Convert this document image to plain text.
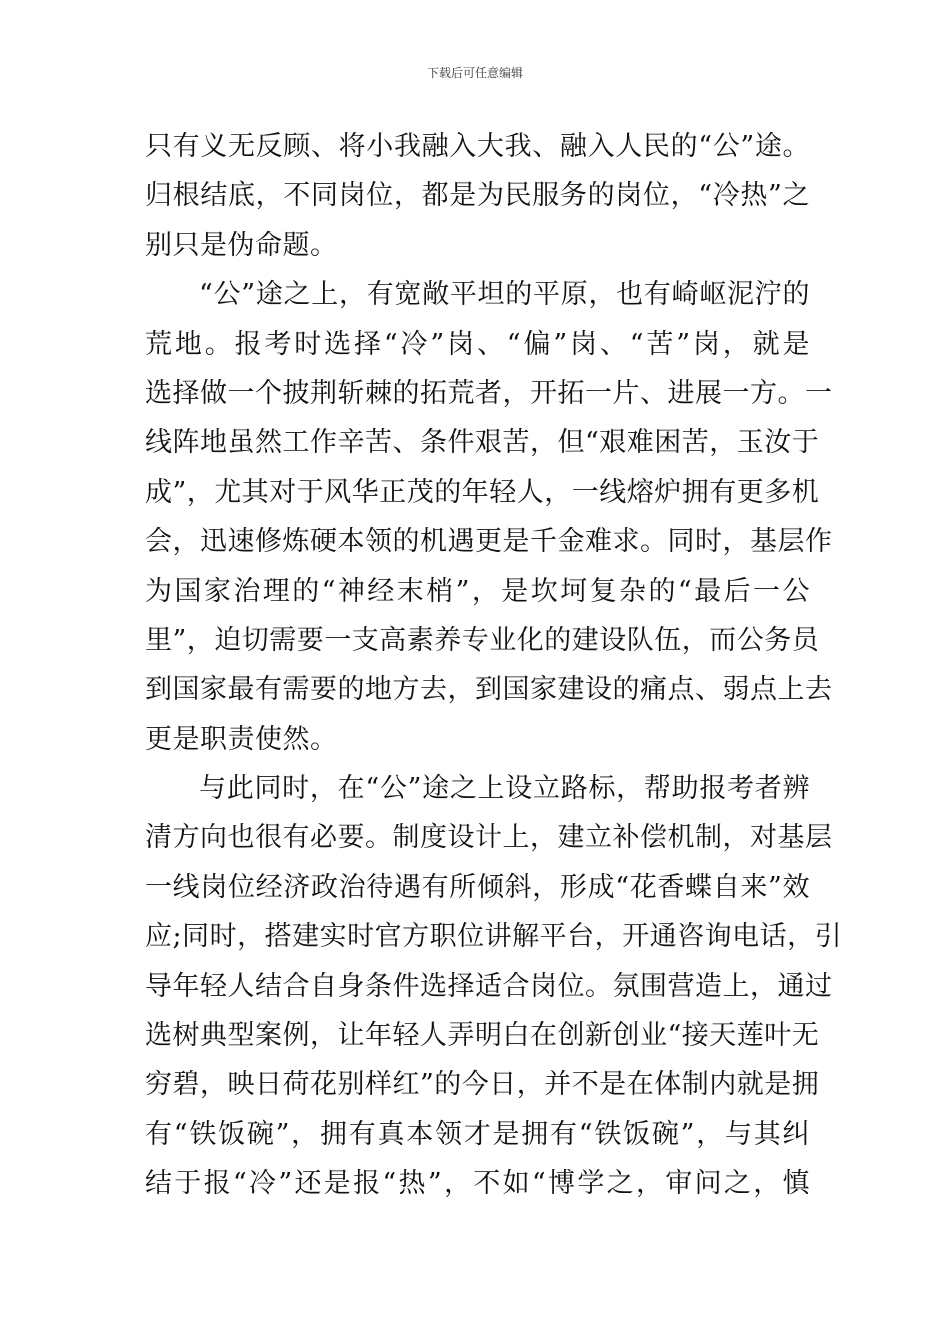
下载后可任意编辑
只有义无反顾、将小我融入大我、融入人民的“公”途。
归根结底，不同岗位，都是为民服务的岗位，“冷热”之
别只是伪命题。
“公”途之上，有宽敞平坦的平原，也有崎岖泥泞的
荒地。报考时选择“冷”岗、“偏”岗、“苦”岗，就是
选择做一个披荆斩棘的拓荒者，开拓一片、进展一方。一
线阵地虽然工作辛苦、条件艰苦，但“艰难困苦，玉汝于
成”，尤其对于风华正茂的年轻人，一线熔炉拥有更多机
会，迅速修炼硬本领的机遇更是千金难求。同时，基层作
为国家治理的“神经末梢”，是坎坷复杂的“最后一公
里”，迫切需要一支高素养专业化的建设队伍，而公务员
到国家最有需要的地方去，到国家建设的痛点、弱点上去
更是职责使然。
与此同时，在“公”途之上设立路标，帮助报考者辨
清方向也很有必要。制度设计上，建立补偿机制，对基层
一线岗位经济政治待遇有所倾斜，形成“花香蝶自来”效
应;同时，搭建实时官方职位讲解平台，开通咨询电话，引
导年轻人结合自身条件选择适合岗位。氛围营造上，通过
选树典型案例，让年轻人弄明白在创新创业“接天莲叶无
穷碧，映日荷花别样红”的今日，并不是在体制内就是拥
有“铁饭碗”，拥有真本领才是拥有“铁饭碗”，与其纠
结于报“冷”还是报“热”，不如“博学之，审问之，慎
